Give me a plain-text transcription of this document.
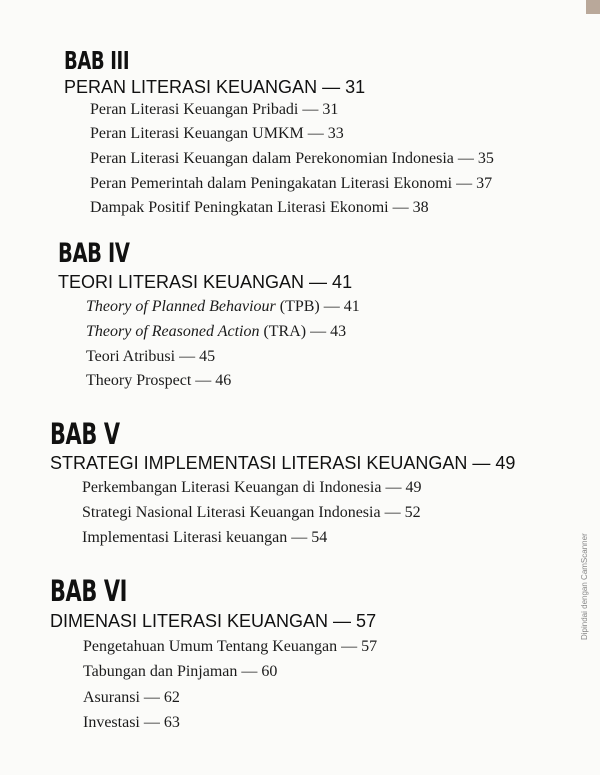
BAB III
PERAN LITERASI KEUANGAN — 31
Peran Literasi Keuangan Pribadi — 31
Peran Literasi Keuangan UMKM — 33
Peran Literasi Keuangan dalam Perekonomian Indonesia — 35
Peran Pemerintah dalam Peningakatan Literasi Ekonomi — 37
Dampak Positif Peningkatan Literasi Ekonomi — 38
BAB IV
TEORI LITERASI KEUANGAN — 41
Theory of Planned Behaviour (TPB) — 41
Theory of Reasoned Action (TRA) — 43
Teori Atribusi — 45
Theory Prospect — 46
BAB V
STRATEGI IMPLEMENTASI LITERASI KEUANGAN — 49
Perkembangan Literasi Keuangan di Indonesia — 49
Strategi Nasional Literasi Keuangan Indonesia — 52
Implementasi Literasi keuangan — 54
BAB VI
DIMENASI LITERASI KEUANGAN — 57
Pengetahuan Umum Tentang Keuangan — 57
Tabungan dan Pinjaman — 60
Asuransi — 62
Investasi — 63
Dipindai dengan CamScanner
